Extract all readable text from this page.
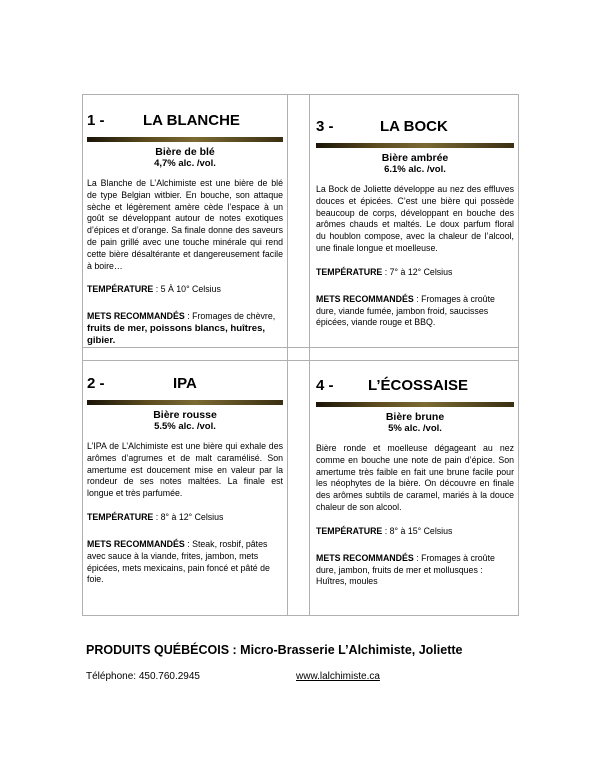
1 -	LA BLANCHE
Bière de blé
4,7% alc. /vol.
La Blanche de L’Alchimiste est une bière de blé de type Belgian witbier. En bouche, son attaque sèche et légèrement amère cède l’espace à un goût se développant autour de notes exotiques d’épices et d’orange. Sa finale donne des saveurs de pain grillé avec une touche minérale qui rend cette bière désaltérante et dangereusement facile à boire…
TEMPÉRATURE : 5 À 10° Celsius
METS RECOMMANDÉS : Fromages de chèvre, fruits de mer, poissons blancs, huîtres, gibier.
3 -	LA BOCK
Bière ambrée
6.1% alc. /vol.
La Bock de Joliette développe au nez des effluves douces et épicées. C’est une bière qui possède beaucoup de corps, développant en bouche des arômes chauds et maltés. Le doux parfum floral du houblon compose, avec la chaleur de l’alcool, une finale longue et moelleuse.
TEMPÉRATURE : 7° à 12° Celsius
METS RECOMMANDÉS : Fromages à croûte dure, viande fumée, jambon froid, saucisses épicées, viande rouge et BBQ.
2 -	IPA
Bière rousse
5.5% alc. /vol.
L’IPA de L’Alchimiste est une bière qui exhale des arômes d’agrumes et de malt caramélisé. Son amertume est doucement mise en valeur par la rondeur de ses notes maltées. La finale est longue et très parfumée.
TEMPÉRATURE : 8° à 12° Celsius
METS RECOMMANDÉS : Steak, rosbif, pâtes avec sauce à la viande, frites, jambon, mets épicées, mets mexicains, pain foncé et pâté de foie.
4 - L’ÉCOSSAISE
Bière brune
5% alc. /vol.
Bière ronde et moelleuse dégageant au nez comme en bouche une note de pain d’épice. Son amertume très faible en fait une brune facile pour les néophytes de la bière. On découvre en finale des arômes subtils de caramel, mariés à la douce chaleur de son alcool.
TEMPÉRATURE : 8° à 15° Celsius
METS RECOMMANDÉS : Fromages à croûte dure, jambon, fruits de mer et mollusques : Huîtres, moules
PRODUITS QUÉBÉCOIS : Micro-Brasserie L’Alchimiste, Joliette
Téléphone: 450.760.2945	www.lalchimiste.ca
